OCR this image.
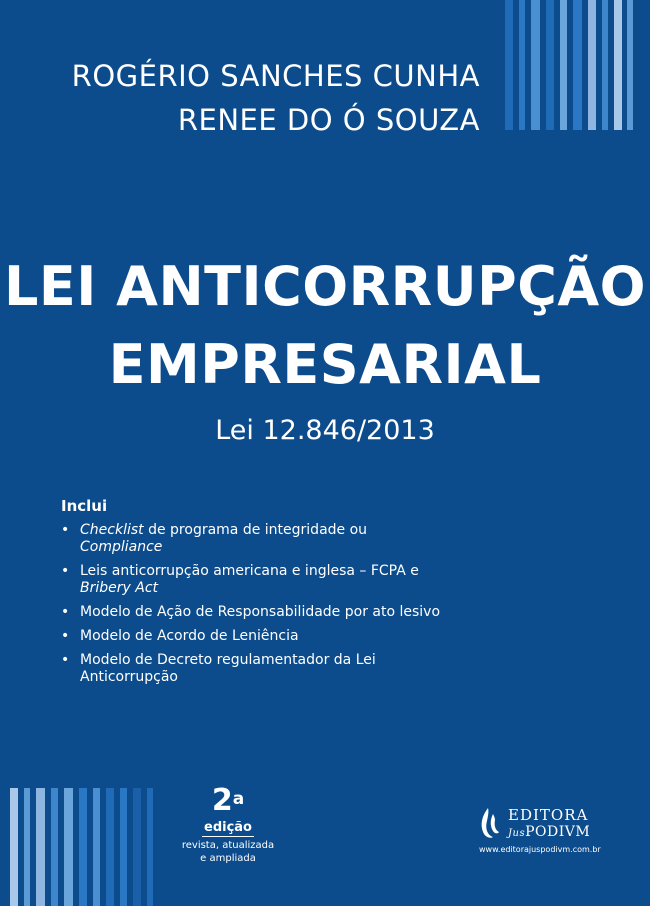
ROGÉRIO SANCHES CUNHA
RENEE DO Ó SOUZA
LEI ANTICORRUPÇÃO
EMPRESARIAL
Lei 12.846/2013
Inclui
• Checklist de programa de integridade ou
Compliance
• Leis anticorrupção americana e inglesa – FCPA e
Bribery Act
• Modelo de Ação de Responsabilidade por ato lesivo
• Modelo de Acordo de Leniência
• Modelo de Decreto regulamentador da Lei Anticorrupção
2$^a$
edição
revista, atualizada e ampliada
EDITORA
JusPODIVM
www.editorajuspodivm.com.br
